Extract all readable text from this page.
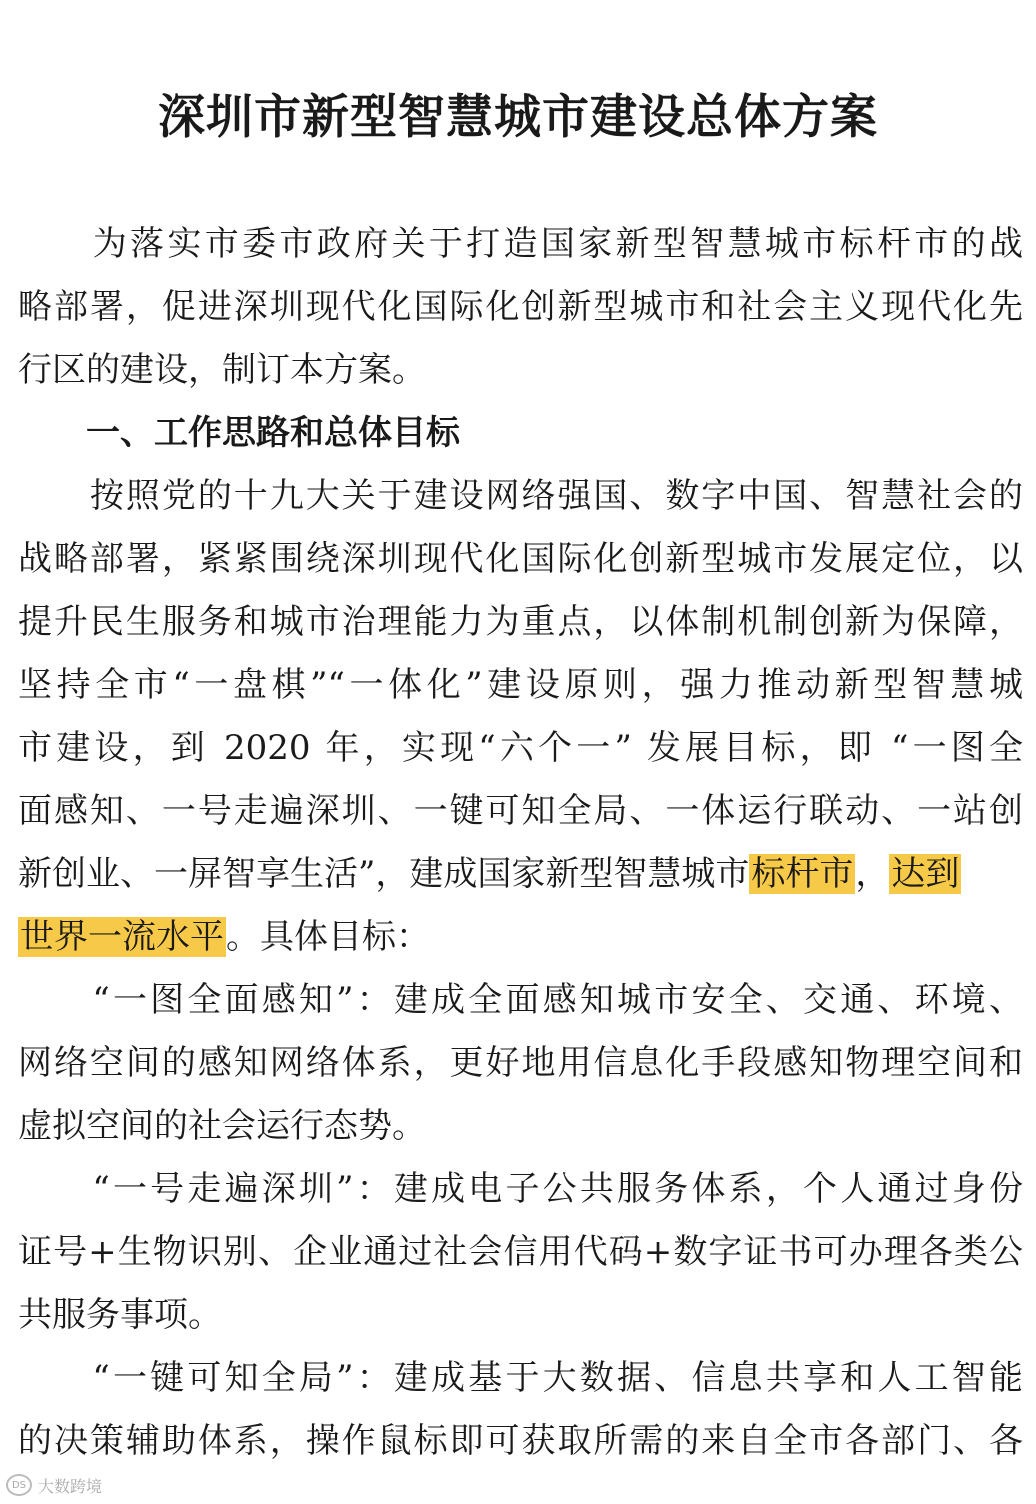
深圳市新型智慧城市建设总体方案
　　为落实市委市政府关于打造国家新型智慧城市标杆市的战
略部署，促进深圳现代化国际化创新型城市和社会主义现代化先
行区的建设，制订本方案。
　　一、工作思路和总体目标
　　按照党的十九大关于建设网络强国、数字中国、智慧社会的
战略部署，紧紧围绕深圳现代化国际化创新型城市发展定位，以
提升民生服务和城市治理能力为重点，以体制机制创新为保障，
坚持全市“一盘棋”“一体化”建设原则，强力推动新型智慧城
市建设，到 2020 年，实现“六个一” 发展目标，即 “一图全
面感知、一号走遍深圳、一键可知全局、一体运行联动、一站创
新创业、一屏智享生活”，建成国家新型智慧城市标杆市，达到
世界一流水平。具体目标：
　　“一图全面感知”：建成全面感知城市安全、交通、环境、
网络空间的感知网络体系，更好地用信息化手段感知物理空间和
虚拟空间的社会运行态势。
　　“一号走遍深圳”：建成电子公共服务体系，个人通过身份
证号+生物识别、企业通过社会信用代码+数字证书可办理各类公
共服务事项。
　　“一键可知全局”：建成基于大数据、信息共享和人工智能
的决策辅助体系，操作鼠标即可获取所需的来自全市各部门、各
DS 大数跨境
